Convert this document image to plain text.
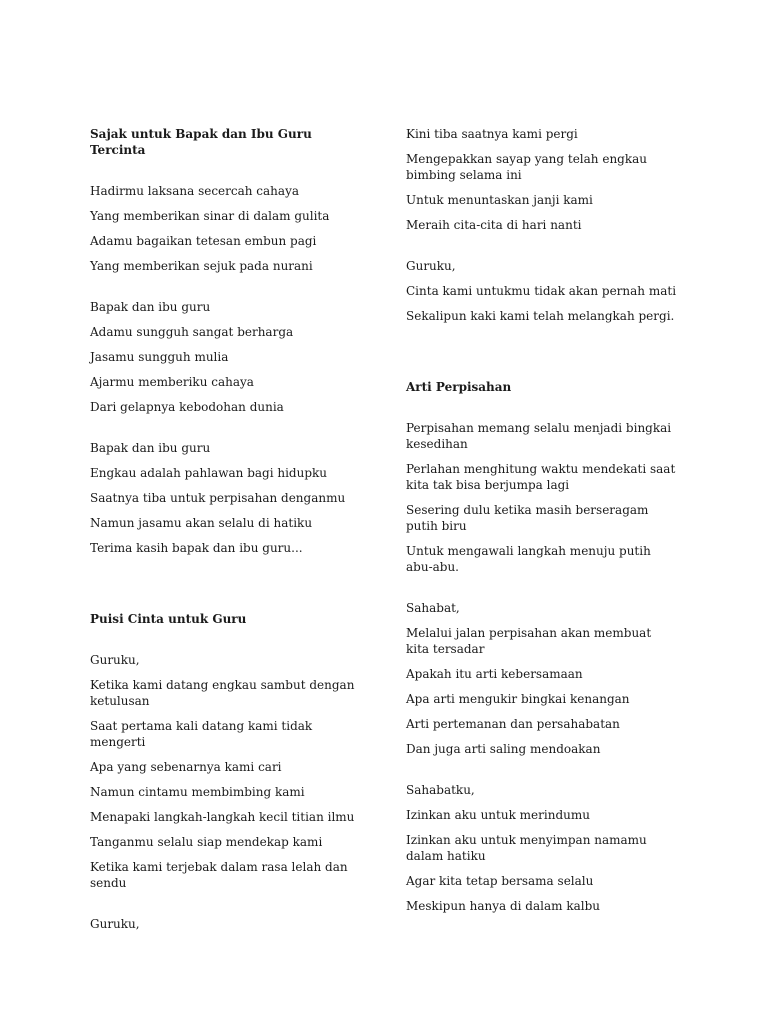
Sajak untuk Bapak dan Ibu Guru Tercinta
Hadirmu laksana secercah cahaya
Yang memberikan sinar di dalam gulita
Adamu bagaikan tetesan embun pagi
Yang memberikan sejuk pada nurani
Bapak dan ibu guru
Adamu sungguh sangat berharga
Jasamu sungguh mulia
Ajarmu memberiku cahaya
Dari gelapnya kebodohan dunia
Bapak dan ibu guru
Engkau adalah pahlawan bagi hidupku
Saatnya tiba untuk perpisahan denganmu
Namun jasamu akan selalu di hatiku
Terima kasih bapak dan ibu guru...
Puisi Cinta untuk Guru
Guruku,
Ketika kami datang engkau sambut dengan ketulusan
Saat pertama kali datang kami tidak mengerti
Apa yang sebenarnya kami cari
Namun cintamu membimbing kami
Menapaki langkah-langkah kecil titian ilmu
Tanganmu selalu siap mendekap kami
Ketika kami terjebak dalam rasa lelah dan sendu
Guruku,
Kini tiba saatnya kami pergi
Mengepakkan sayap yang telah engkau bimbing selama ini
Untuk menuntaskan janji kami
Meraih cita-cita di hari nanti
Guruku,
Cinta kami untukmu tidak akan pernah mati
Sekalipun kaki kami telah melangkah pergi.
Arti Perpisahan
Perpisahan memang selalu menjadi bingkai kesedihan
Perlahan menghitung waktu mendekati saat kita tak bisa berjumpa lagi
Sesering dulu ketika masih berseragam putih biru
Untuk mengawali langkah menuju putih abu-abu.
Sahabat,
Melalui jalan perpisahan akan membuat kita tersadar
Apakah itu arti kebersamaan
Apa arti mengukir bingkai kenangan
Arti pertemanan dan persahabatan
Dan juga arti saling mendoakan
Sahabatku,
Izinkan aku untuk merindumu
Izinkan aku untuk menyimpan namamu dalam hatiku
Agar kita tetap bersama selalu
Meskipun hanya di dalam kalbu
